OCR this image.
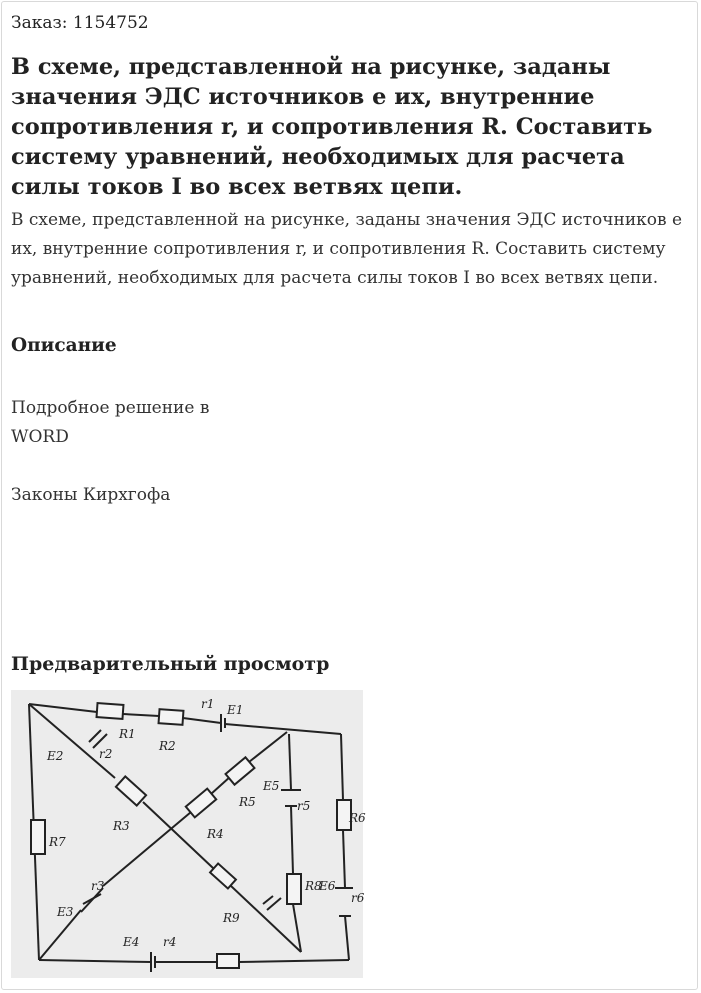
Заказ: 1154752
В схеме, представленной на рисунке, заданы значения ЭДС источников e их, внутренние сопротивления r, и сопротивления R. Составить систему уравнений, необходимых для расчета силы токов I во всех ветвях цепи.
В схеме, представленной на рисунке, заданы значения ЭДС источников e их, внутренние сопротивления r, и сопротивления R. Составить систему уравнений, необходимых для расчета силы токов I во всех ветвях цепи.
Описание
Подробное решение в
WORD
Законы Кирхгофа
Предварительный просмотр
R1
R2
R3
R4
R5
R6
R7
R8
R9
E1
E2
E3
E4
E5
E6
r1
r2
r3
r4
r5
r6
